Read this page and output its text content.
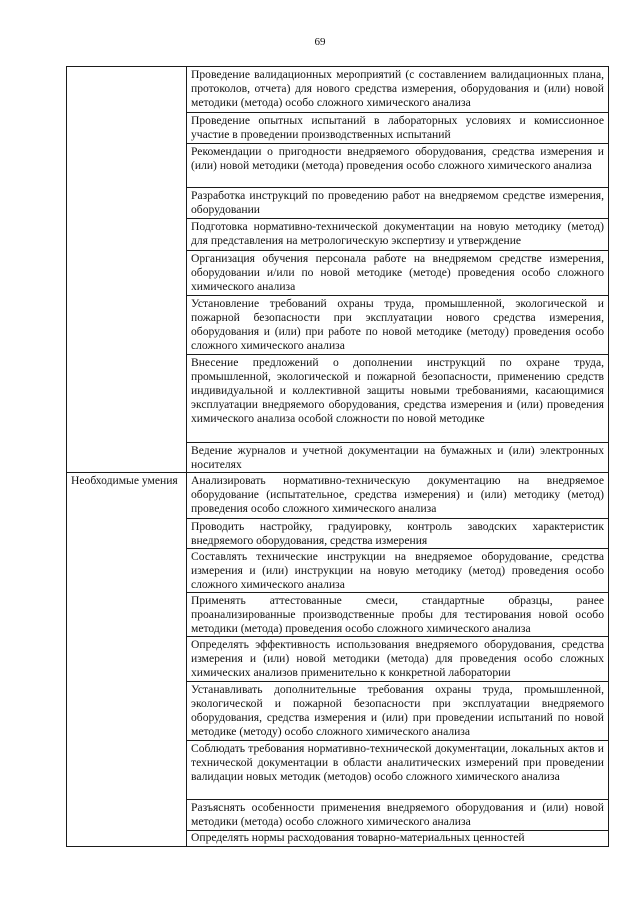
69
	Проведение валидационных мероприятий (с составлением валидационных плана, протоколов, отчета) для нового средства измерения, оборудования и (или) новой методики (метода) особо сложного химического анализа
	Проведение опытных испытаний в лабораторных условиях и комиссионное участие в проведении производственных испытаний
	Рекомендации о пригодности внедряемого оборудования, средства измерения и (или) новой методики (метода) проведения особо сложного химического анализа
	Разработка инструкций по проведению работ на внедряемом средстве измерения, оборудовании
	Подготовка нормативно-технической документации на новую методику (метод) для представления на метрологическую экспертизу и утверждение
	Организация обучения персонала работе на внедряемом средстве измерения, оборудовании и/или по новой методике (методе) проведения особо сложного химического анализа
	Установление требований охраны труда, промышленной, экологической и пожарной безопасности при эксплуатации нового средства измерения, оборудования и (или) при работе по новой методике (методу) проведения особо сложного химического анализа
	Внесение предложений о дополнении инструкций по охране труда, промышленной, экологической и пожарной безопасности, применению средств индивидуальной и коллективной защиты новыми требованиями, касающимися эксплуатации внедряемого оборудования, средства измерения и (или) проведения химического анализа особой сложности по новой методике
	Ведение журналов и учетной документации на бумажных и (или) электронных носителях
Необходимые умения	Анализировать нормативно-техническую документацию на внедряемое оборудование (испытательное, средства измерения) и (или) методику (метод) проведения особо сложного химического анализа
	Проводить настройку, градуировку, контроль заводских характеристик внедряемого оборудования, средства измерения
	Составлять технические инструкции на внедряемое оборудование, средства измерения и (или) инструкции на новую методику (метод) проведения особо сложного химического анализа
	Применять аттестованные смеси, стандартные образцы, ранее проанализированные производственные пробы для тестирования новой особо методики (метода) проведения особо сложного химического анализа
	Определять эффективность использования внедряемого оборудования, средства измерения и (или) новой методики (метода) для проведения особо сложных химических анализов применительно к конкретной лаборатории
	Устанавливать дополнительные требования охраны труда, промышленной, экологической и пожарной безопасности при эксплуатации внедряемого оборудования, средства измерения и (или) при проведении испытаний по новой методике (методу) особо сложного химического анализа
	Соблюдать требования нормативно-технической документации, локальных актов и технической документации в области аналитических измерений при проведении валидации новых методик (методов) особо сложного химического анализа
	Разъяснять особенности применения внедряемого оборудования и (или) новой методики (метода) особо сложного химического анализа
	Определять нормы расходования товарно-материальных ценностей
